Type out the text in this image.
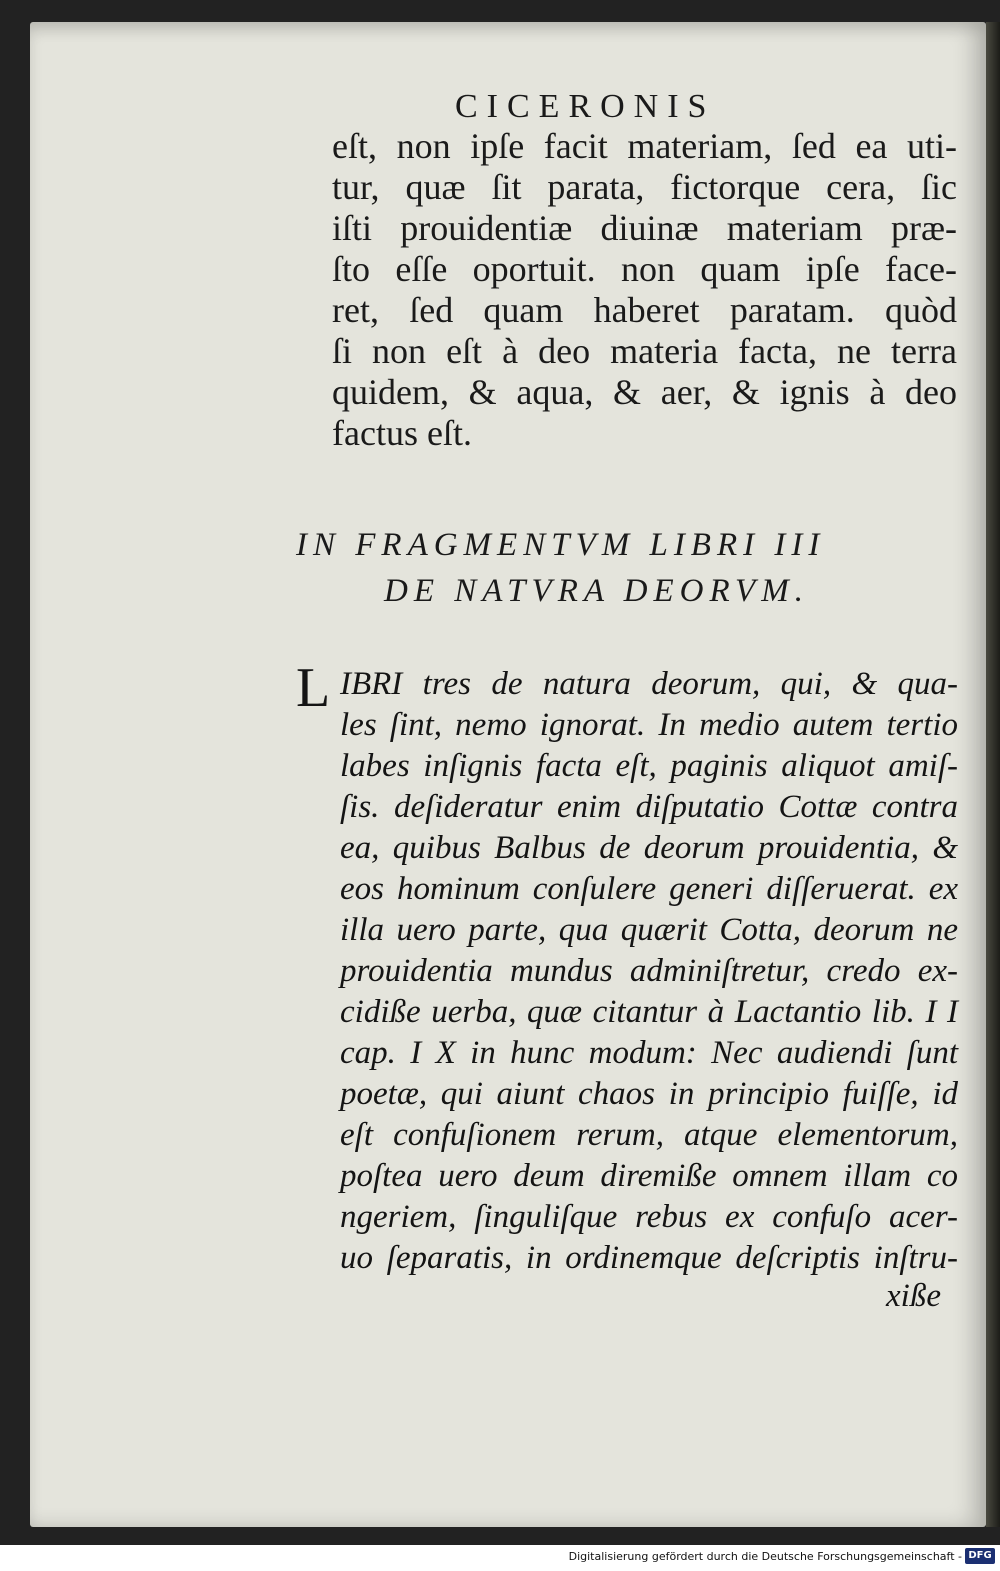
CICERONIS
eſt, non ipſe facit materiam, ſed ea uti-
tur, quæ ſit parata, fictorque cera, ſic
iſti prouidentiæ diuinæ materiam præ-
ſto eſſe oportuit. non quam ipſe face-
ret, ſed quam haberet paratam. quòd
ſi non eſt à deo materia facta, ne terra
quidem, & aqua, & aer, & ignis à deo
factus eſt.
IN FRAGMENTVM LIBRI III
DE NATVRA DEORVM.
L IBRI tres de natura deorum, qui, & qua-
les ſint, nemo ignorat. In medio autem tertio
labes inſignis facta eſt, paginis aliquot amiſ-
ſis. deſideratur enim diſputatio Cottæ contra
ea, quibus Balbus de deorum prouidentia, &
eos hominum conſulere generi diſſeruerat. ex
illa uero parte, qua quærit Cotta, deorum ne
prouidentia mundus adminiſtretur, credo ex-
cidiße uerba, quæ citantur à Lactantio lib. I I
cap. I X in hunc modum: Nec audiendi ſunt
poetæ, qui aiunt chaos in principio fuiſſe, id
eſt confuſionem rerum, atque elementorum,
poſtea uero deum diremiße omnem illam co
ngeriem, ſinguliſque rebus ex confuſo acer-
uo ſeparatis, in ordinemque deſcriptis inſtru-
xiße
Digitalisierung gefördert durch die Deutsche Forschungsgemeinschaft - DFG
